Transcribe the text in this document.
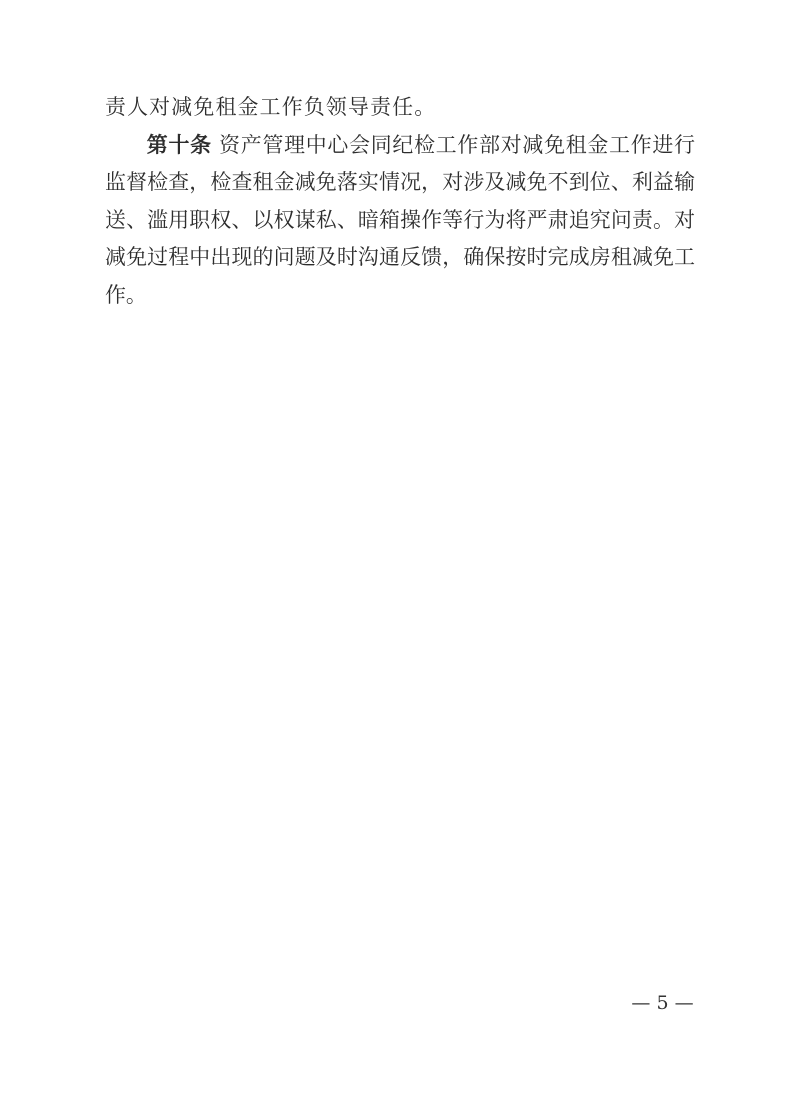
责人对减免租金工作负领导责任。

第十条 资产管理中心会同纪检工作部对减免租金工作进行

监督检查，检查租金减免落实情况，对涉及减免不到位、利益输

送、滥用职权、以权谋私、暗箱操作等行为将严肃追究问责。对

减免过程中出现的问题及时沟通反馈，确保按时完成房租减免工

作。

— 5 —
